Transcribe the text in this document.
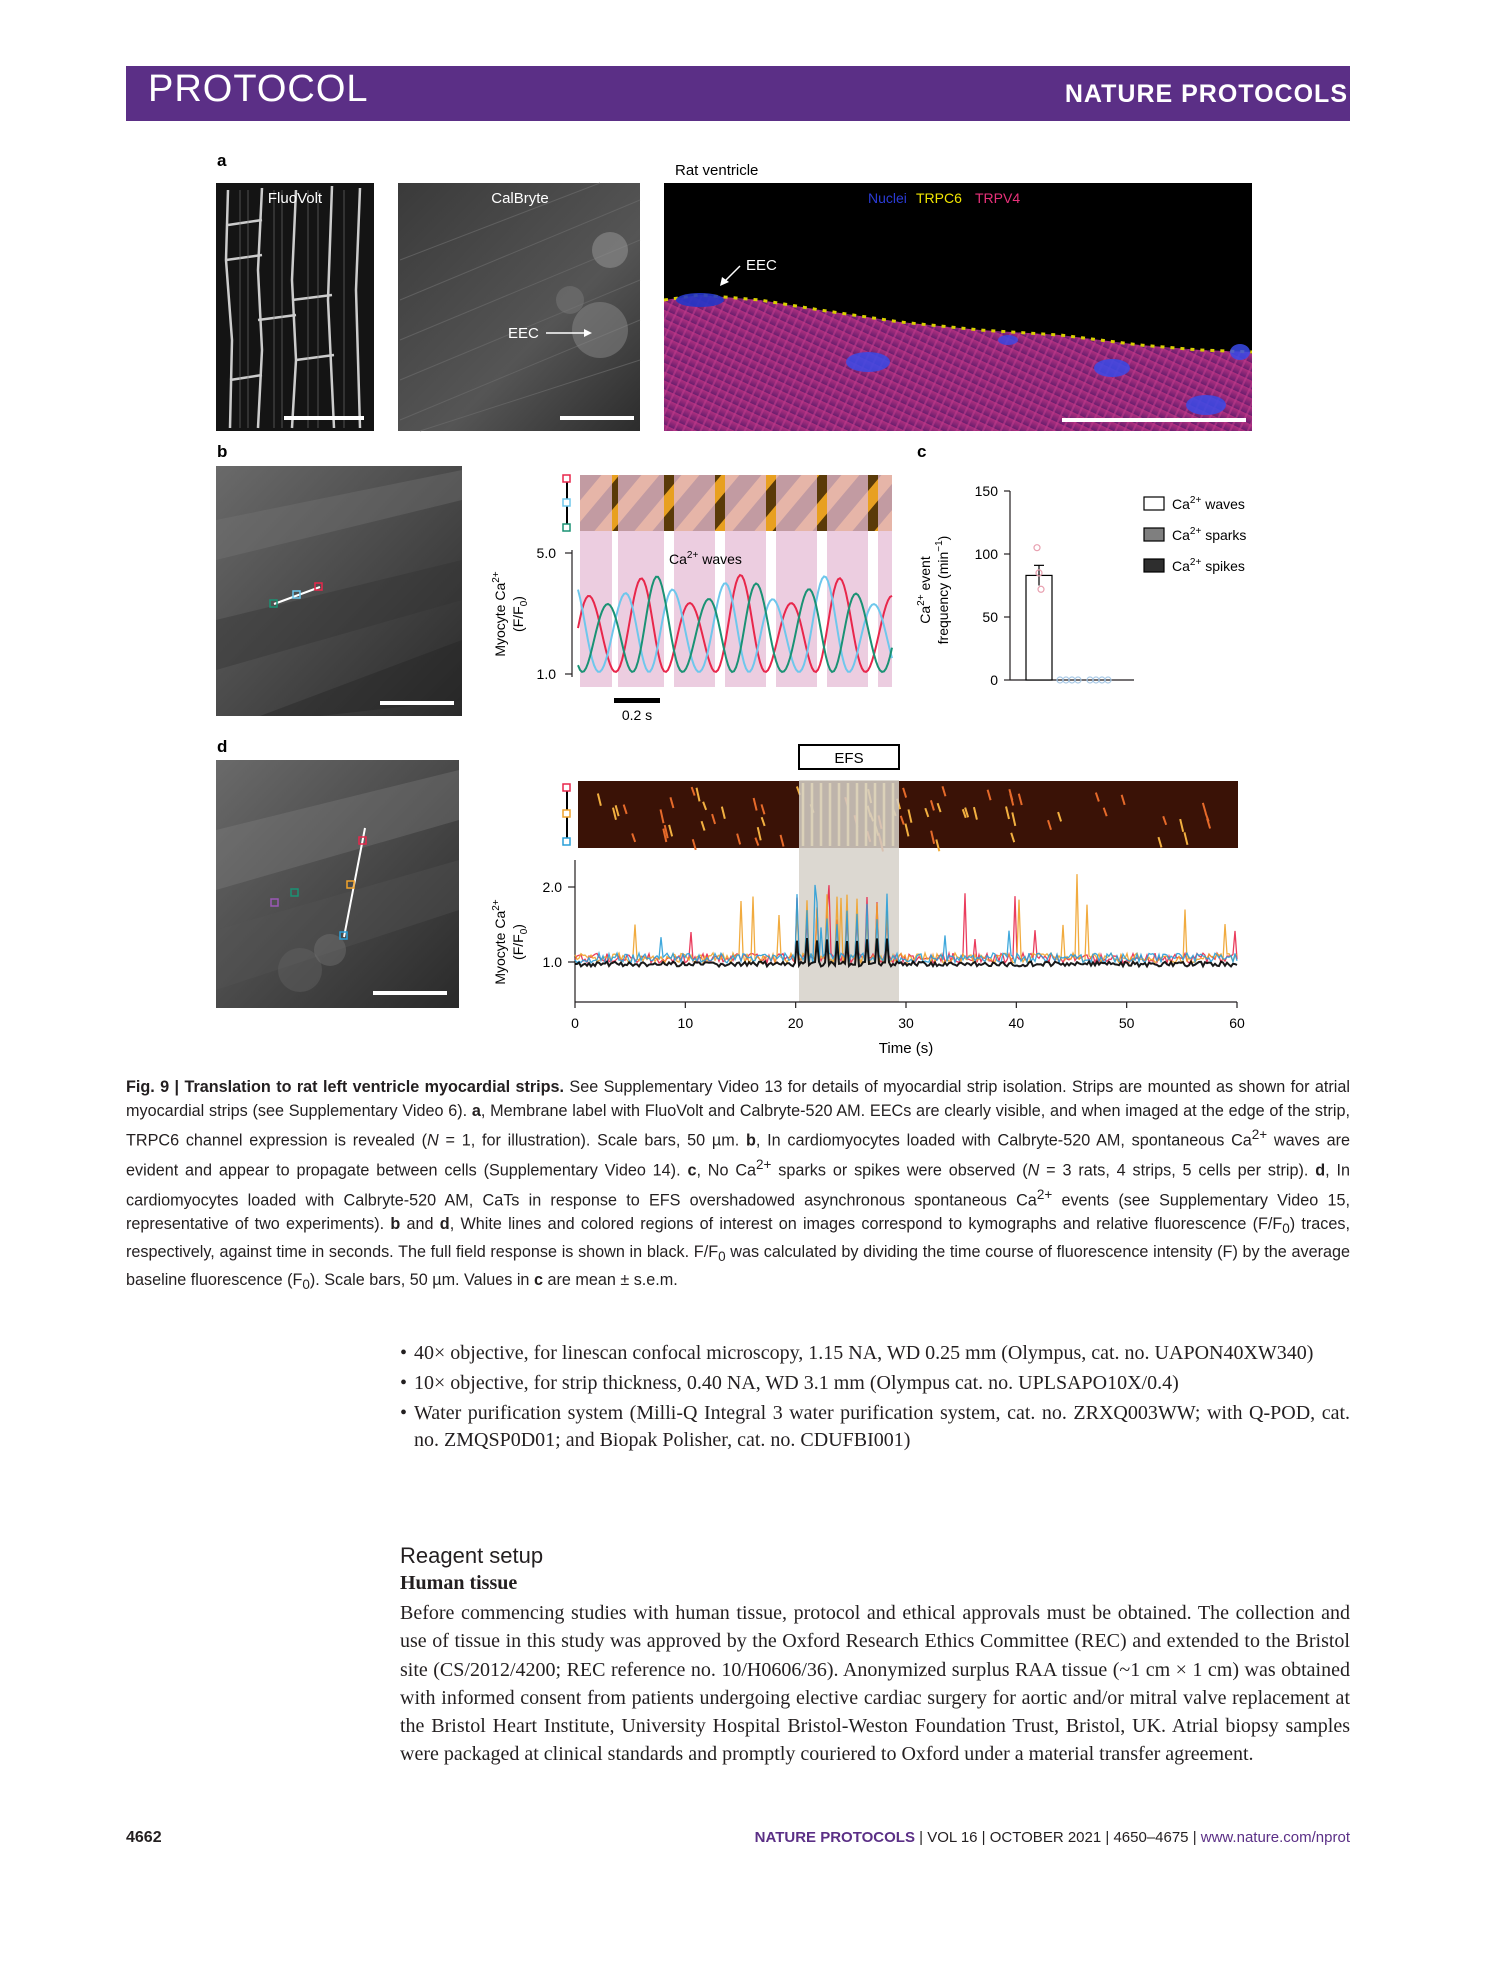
PROTOCOL	NATURE PROTOCOLS
a
FluoVolt	CalBryte
EEC
Rat ventricle
Nuclei TRPC6 TRPV4
EEC
b
5.0
1.0
$Ca^{2+}$ waves
Myocyte $Ca^{2+}$
$(F/F_0)$
0.2 s
c
0
50
100
150
$Ca^{2+}$ event frequency $(\min^{-1})$
$Ca^{2+}$ waves
$Ca^{2+}$ sparks
$Ca^{2+}$ spikes
d
EFS
2.0
1.0
0	10	20	30	40	50	60
Time (s)
Myocyte $Ca^{2+}$
$(F/F_0)$
Fig. 9 | Translation to rat left ventricle myocardial strips. See Supplementary Video 13 for details of myocardial strip isolation. Strips are mounted as shown for atrial myocardial strips (see Supplementary Video 6). a, Membrane label with FluoVolt and Calbryte-520 AM. EECs are clearly visible, and when imaged at the edge of the strip, TRPC6 channel expression is revealed (N = 1, for illustration). Scale bars, 50 µm. b, In cardiomyocytes loaded with Calbryte-520 AM, spontaneous $Ca^{2+}$ waves are evident and appear to propagate between cells (Supplementary Video 14). c, No $Ca^{2+}$ sparks or spikes were observed (N = 3 rats, 4 strips, 5 cells per strip). d, In cardiomyocytes loaded with Calbryte-520 AM, CaTs in response to EFS overshadowed asynchronous spontaneous $Ca^{2+}$ events (see Supplementary Video 15, representative of two experiments). b and d, White lines and colored regions of interest on images correspond to kymographs and relative fluorescence $(F/F_0)$ traces, respectively, against time in seconds. The full field response is shown in black. $F/F_0$ was calculated by dividing the time course of fluorescence intensity (F) by the average baseline fluorescence $(F_0)$. Scale bars, 50 µm. Values in c are mean ± s.e.m.
• 40× objective, for linescan confocal microscopy, 1.15 NA, WD 0.25 mm (Olympus, cat. no. UAPON40XW340)
• 10× objective, for strip thickness, 0.40 NA, WD 3.1 mm (Olympus cat. no. UPLSAPO10X/0.4)
• Water purification system (Milli-Q Integral 3 water purification system, cat. no. ZRXQ003WW; with Q-POD, cat. no. ZMQSP0D01; and Biopak Polisher, cat. no. CDUFBI001)
Reagent setup
Human tissue
Before commencing studies with human tissue, protocol and ethical approvals must be obtained. The collection and use of tissue in this study was approved by the Oxford Research Ethics Committee (REC) and extended to the Bristol site (CS/2012/4200; REC reference no. 10/H0606/36). Anonymized surplus RAA tissue (~1 cm × 1 cm) was obtained with informed consent from patients undergoing elective cardiac surgery for aortic and/or mitral valve replacement at the Bristol Heart Institute, University Hospital Bristol-Weston Foundation Trust, Bristol, UK. Atrial biopsy samples were packaged at clinical standards and promptly couriered to Oxford under a material transfer agreement.
4662	NATURE PROTOCOLS | VOL 16 | OCTOBER 2021 | 4650–4675 | www.nature.com/nprot
